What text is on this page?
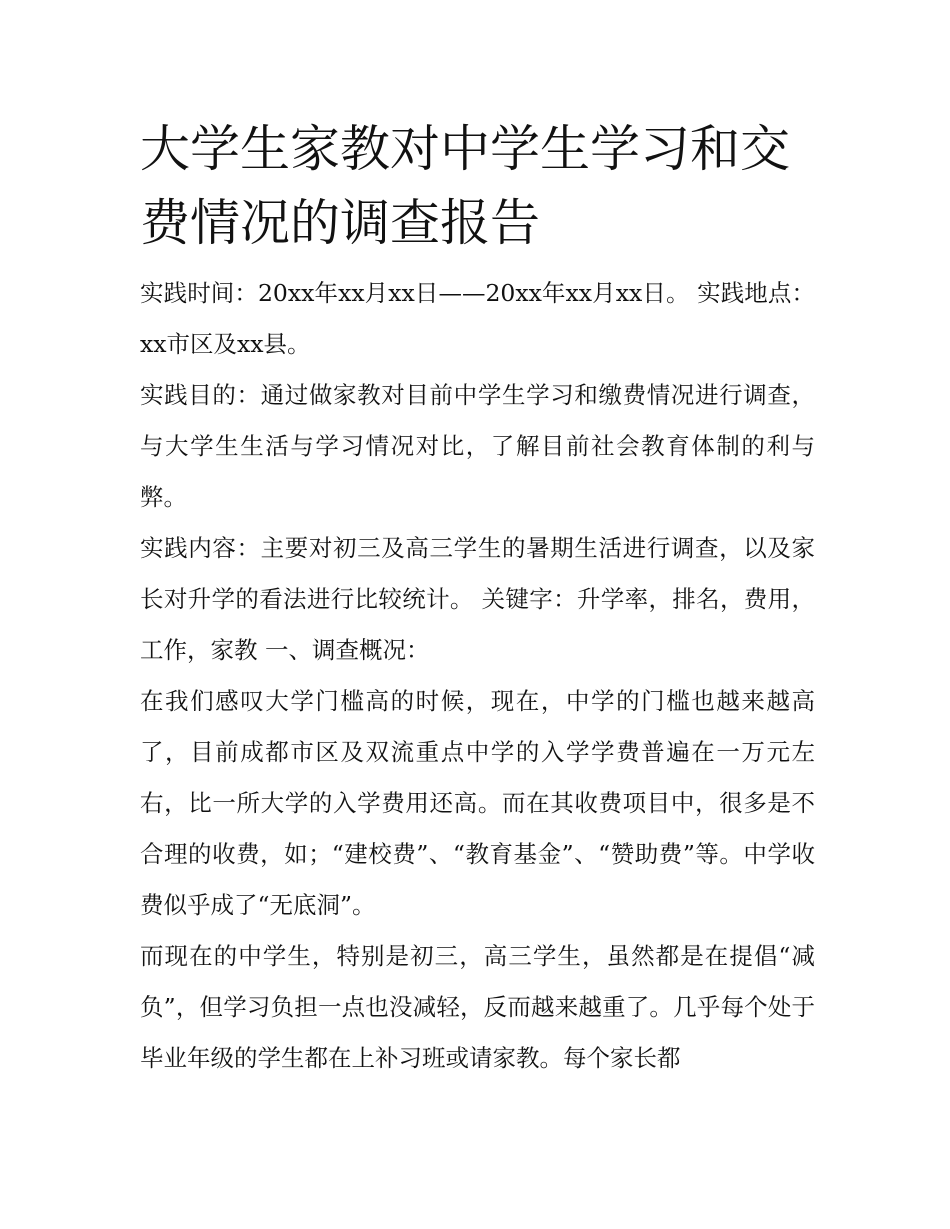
大学生家教对中学生学习和交费情况的调查报告

实践时间：20xx年xx月xx日——20xx年xx月xx日。 实践地点：xx市区及xx县。

实践目的：通过做家教对目前中学生学习和缴费情况进行调查，与大学生生活与学习情况对比，了解目前社会教育体制的利与弊。

实践内容：主要对初三及高三学生的暑期生活进行调查，以及家长对升学的看法进行比较统计。 关键字：升学率，排名，费用，工作，家教 一、调查概况：

在我们感叹大学门槛高的时候，现在，中学的门槛也越来越高了，目前成都市区及双流重点中学的入学学费普遍在一万元左右，比一所大学的入学费用还高。而在其收费项目中，很多是不合理的收费，如；“建校费”、“教育基金”、“赞助费”等。中学收费似乎成了“无底洞”。

而现在的中学生，特别是初三，高三学生，虽然都是在提倡“减负”，但学习负担一点也没减轻，反而越来越重了。几乎每个处于毕业年级的学生都在上补习班或请家教。每个家长都
